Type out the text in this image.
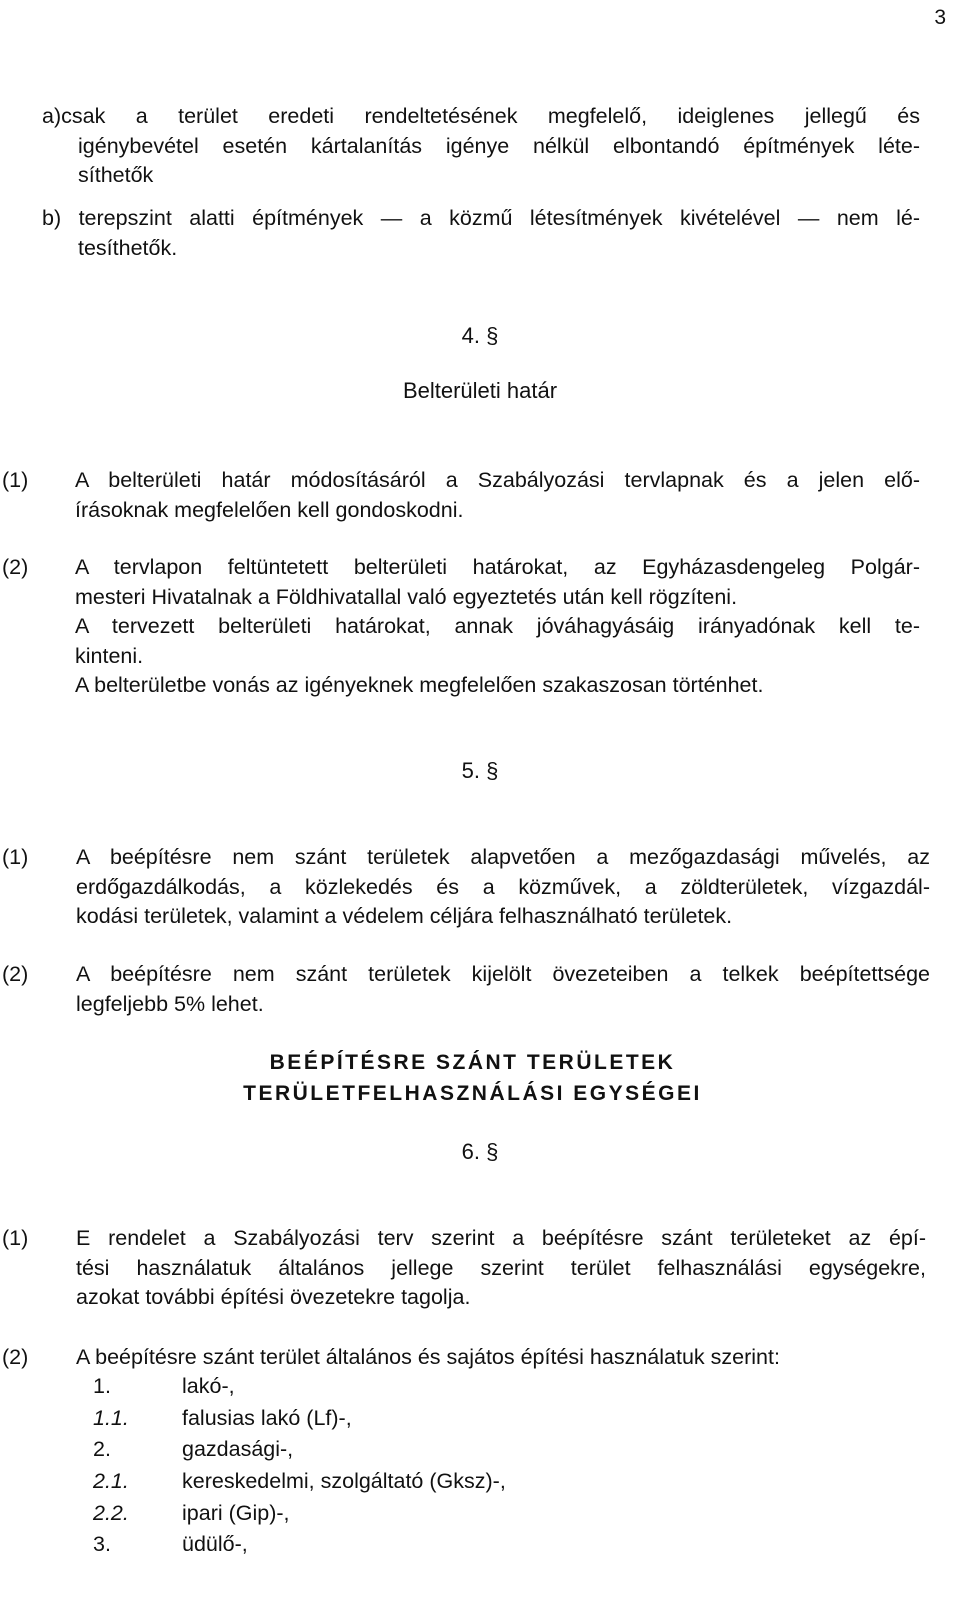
3
a)csak a terület eredeti rendeltetésének megfelelő, ideiglenes jellegű és
igénybevétel esetén kártalanítás igénye nélkül elbontandó építmények léte-
síthetők
b) terepszint alatti építmények — a közmű létesítmények kivételével — nem lé-
tesíthetők.
4. §
Belterületi határ
(1) A belterületi határ módosításáról a Szabályozási tervlapnak és a jelen elő-
írásoknak megfelelően kell gondoskodni.
(2) A tervlapon feltüntetett belterületi határokat, az Egyházasdengeleg Polgár-
mesteri Hivatalnak a Földhivatallal való egyeztetés után kell rögzíteni.
A tervezett belterületi határokat, annak jóváhagyásáig irányadónak kell te-
kinteni.
A belterületbe vonás az igényeknek megfelelően szakaszosan történhet.
5. §
(1) A beépítésre nem szánt területek alapvetően a mezőgazdasági művelés, az
erdőgazdálkodás, a közlekedés és a közművek, a zöldterületek, vízgazdál-
kodási területek, valamint a védelem céljára felhasználható területek.
(2) A beépítésre nem szánt területek kijelölt övezeteiben a telkek beépítettsége
legfeljebb 5% lehet.
BEÉPÍTÉSRE SZÁNT TERÜLETEK
TERÜLETFELHASZNÁLÁSI EGYSÉGEI
6. §
(1) E rendelet a Szabályozási terv szerint a beépítésre szánt területeket az épí-
tési használatuk általános jellege szerint terület felhasználási egységekre,
azokat további építési övezetekre tagolja.
(2) A beépítésre szánt terület általános és sajátos építési használatuk szerint:
1.	lakó-,
1.1. falusias lakó (Lf)-,
2.	gazdasági-,
2.1. kereskedelmi, szolgáltató (Gksz)-,
2.2. ipari (Gip)-,
3.	üdülő-,
